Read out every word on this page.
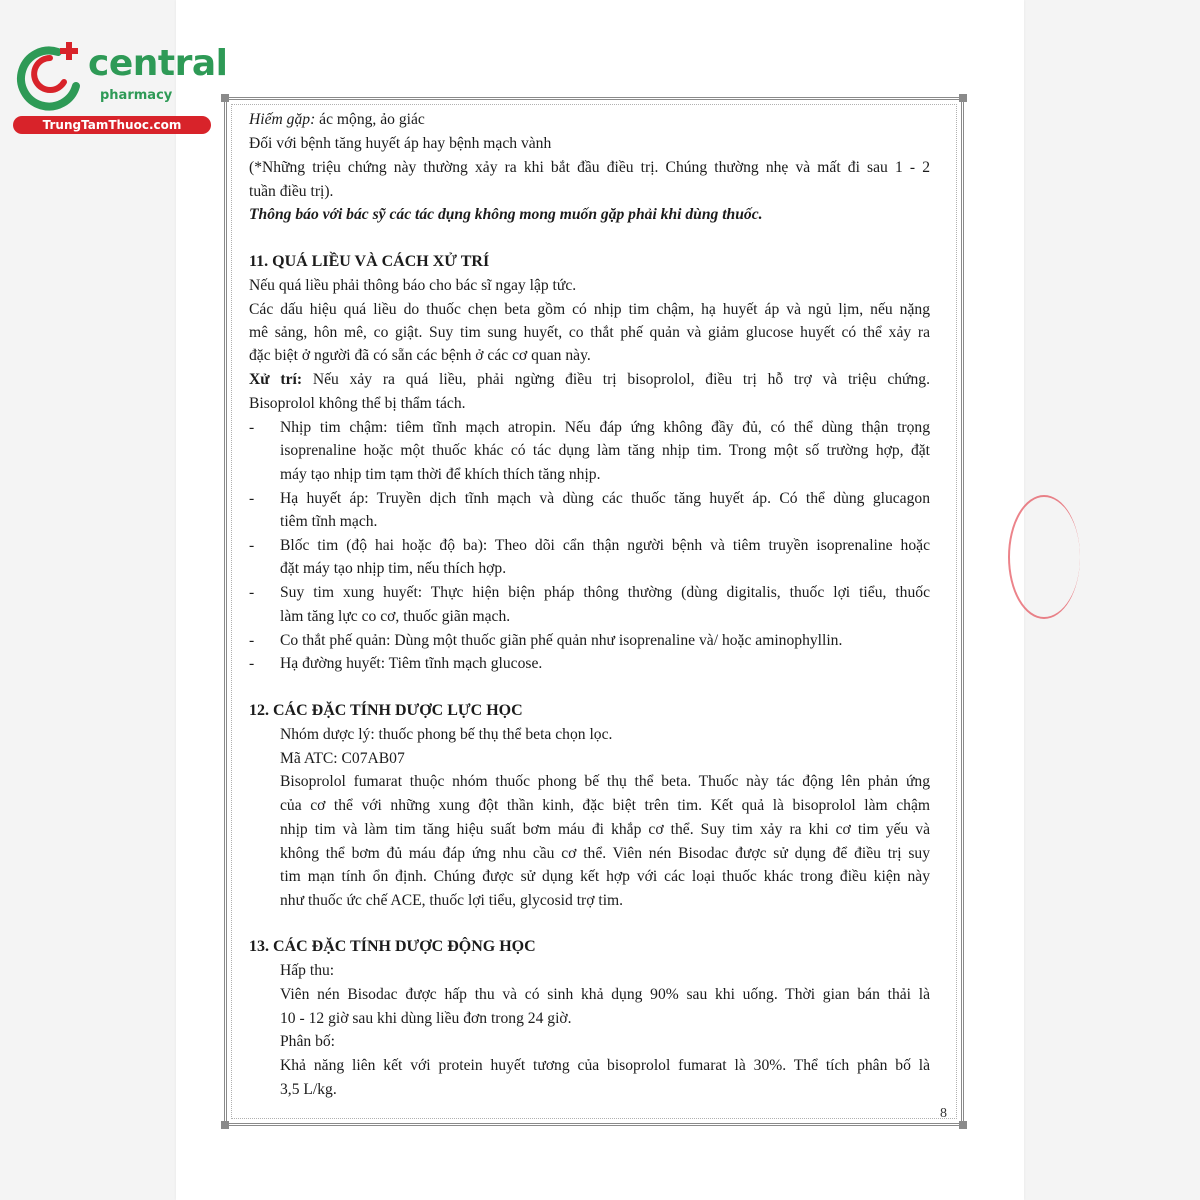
central
pharmacy
TrungTamThuoc.com	Hiếm gặp: ác mộng, ảo giác

Đối với bệnh tăng huyết áp hay bệnh mạch vành

(*Những triệu chứng này thường xảy ra khi bắt đầu điều trị. Chúng thường nhẹ và mất đi sau 1 - 2

tuần điều trị).

Thông báo với bác sỹ các tác dụng không mong muốn gặp phải khi dùng thuốc.

11. QUÁ LIỀU VÀ CÁCH XỬ TRÍ

Nếu quá liều phải thông báo cho bác sĩ ngay lập tức.

Các dấu hiệu quá liều do thuốc chẹn beta gồm có nhịp tim chậm, hạ huyết áp và ngủ lịm, nếu nặng

mê sảng, hôn mê, co giật. Suy tim sung huyết, co thắt phế quản và giảm glucose huyết có thể xảy ra

đặc biệt ở người đã có sẵn các bệnh ở các cơ quan này.

Xử trí: Nếu xảy ra quá liều, phải ngừng điều trị bisoprolol, điều trị hỗ trợ và triệu chứng.

Bisoprolol không thể bị thẩm tách.

- Nhịp tim chậm: tiêm tĩnh mạch atropin. Nếu đáp ứng không đầy đủ, có thể dùng thận trọng

isoprenaline hoặc một thuốc khác có tác dụng làm tăng nhịp tim. Trong một số trường hợp, đặt

máy tạo nhịp tim tạm thời để khích thích tăng nhịp.

- Hạ huyết áp: Truyền dịch tĩnh mạch và dùng các thuốc tăng huyết áp. Có thể dùng glucagon

tiêm tĩnh mạch.

- Blốc tim (độ hai hoặc độ ba): Theo dõi cẩn thận người bệnh và tiêm truyền isoprenaline hoặc

đặt máy tạo nhịp tim, nếu thích hợp.

- Suy tim xung huyết: Thực hiện biện pháp thông thường (dùng digitalis, thuốc lợi tiểu, thuốc

làm tăng lực co cơ, thuốc giãn mạch.

- Co thắt phế quản: Dùng một thuốc giãn phế quản như isoprenaline và/ hoặc aminophyllin.

- Hạ đường huyết: Tiêm tĩnh mạch glucose.

12. CÁC ĐẶC TÍNH DƯỢC LỰC HỌC

Nhóm dược lý: thuốc phong bế thụ thể beta chọn lọc.

Mã ATC: C07AB07

Bisoprolol fumarat thuộc nhóm thuốc phong bế thụ thể beta. Thuốc này tác động lên phản ứng

của cơ thể với những xung đột thần kinh, đặc biệt trên tim. Kết quả là bisoprolol làm chậm

nhịp tim và làm tim tăng hiệu suất bơm máu đi khắp cơ thể. Suy tim xảy ra khi cơ tim yếu và

không thể bơm đủ máu đáp ứng nhu cầu cơ thể. Viên nén Bisodac được sử dụng để điều trị suy

tim mạn tính ổn định. Chúng được sử dụng kết hợp với các loại thuốc khác trong điều kiện này

như thuốc ức chế ACE, thuốc lợi tiểu, glycosid trợ tim.

13. CÁC ĐẶC TÍNH DƯỢC ĐỘNG HỌC

Hấp thu:

Viên nén Bisodac được hấp thu và có sinh khả dụng 90% sau khi uống. Thời gian bán thải là

10 - 12 giờ sau khi dùng liều đơn trong 24 giờ.

Phân bố:

Khả năng liên kết với protein huyết tương của bisoprolol fumarat là 30%. Thể tích phân bố là

3,5 L/kg.

8
